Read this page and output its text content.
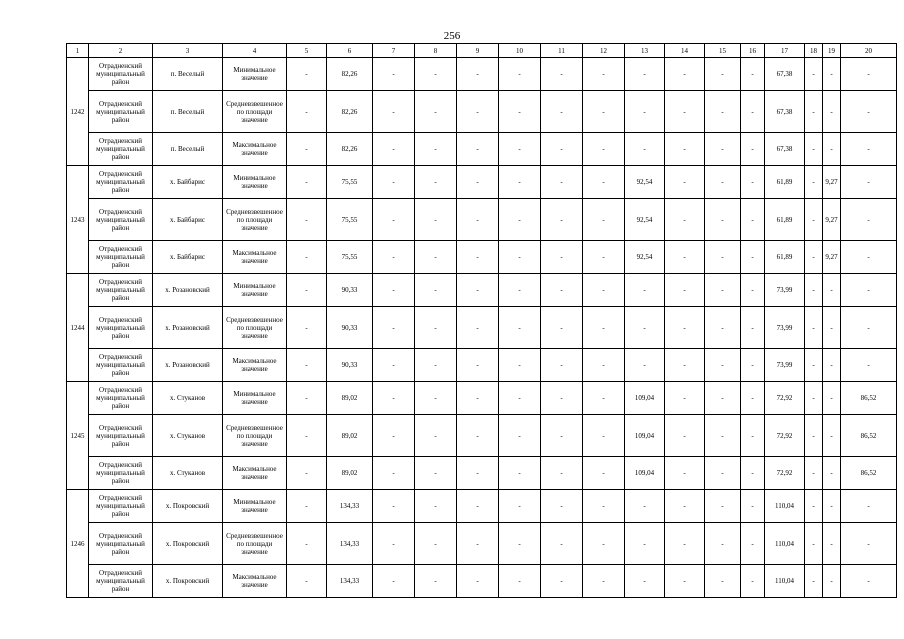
256
1	2	3	4	5	6	7	8	9	10	11	12	13	14	15	16	17	18	19	20
1242	Отрадненский муниципальный район	п. Веселый	Минимальное значение	-	82,26	-	-	-	-	-	-	-	-	-	-	67,38	-	-	-
	Отрадненский муниципальный район	п. Веселый	Средневзвешенное по площади значение	-	82,26	-	-	-	-	-	-	-	-	-	-	67,38	-	-	-
	Отрадненский муниципальный район	п. Веселый	Максимальное значение	-	82,26	-	-	-	-	-	-	-	-	-	-	67,38	-	-	-
1243	Отрадненский муниципальный район	х. Байбарис	Минимальное значение	-	75,55	-	-	-	-	-	-	92,54	-	-	-	61,89	-	9,27	-
	Отрадненский муниципальный район	х. Байбарис	Средневзвешенное по площади значение	-	75,55	-	-	-	-	-	-	92,54	-	-	-	61,89	-	9,27	-
	Отрадненский муниципальный район	х. Байбарис	Максимальное значение	-	75,55	-	-	-	-	-	-	92,54	-	-	-	61,89	-	9,27	-
1244	Отрадненский муниципальный район	х. Розановский	Минимальное значение	-	90,33	-	-	-	-	-	-	-	-	-	-	73,99	-	-	-
	Отрадненский муниципальный район	х. Розановский	Средневзвешенное по площади значение	-	90,33	-	-	-	-	-	-	-	-	-	-	73,99	-	-	-
	Отрадненский муниципальный район	х. Розановский	Максимальное значение	-	90,33	-	-	-	-	-	-	-	-	-	-	73,99	-	-	-
1245	Отрадненский муниципальный район	х. Стуканов	Минимальное значение	-	89,02	-	-	-	-	-	-	109,04	-	-	-	72,92	-	-	86,52
	Отрадненский муниципальный район	х. Стуканов	Средневзвешенное по площади значение	-	89,02	-	-	-	-	-	-	109,04	-	-	-	72,92	-	-	86,52
	Отрадненский муниципальный район	х. Стуканов	Максимальное значение	-	89,02	-	-	-	-	-	-	109,04	-	-	-	72,92	-	-	86,52
1246	Отрадненский муниципальный район	х. Покровский	Минимальное значение	-	134,33	-	-	-	-	-	-	-	-	-	-	110,04	-	-	-
	Отрадненский муниципальный район	х. Покровский	Средневзвешенное по площади значение	-	134,33	-	-	-	-	-	-	-	-	-	-	110,04	-	-	-
	Отрадненский муниципальный район	х. Покровский	Максимальное значение	-	134,33	-	-	-	-	-	-	-	-	-	-	110,04	-	-	-
